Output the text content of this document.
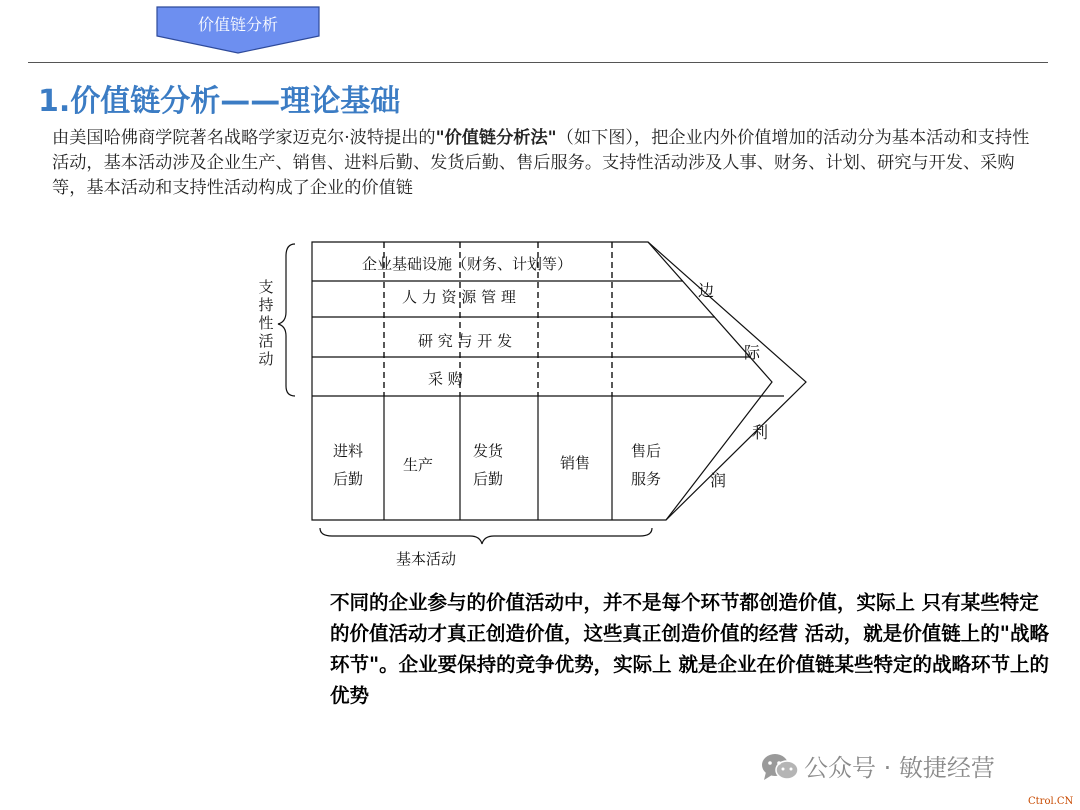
价值链分析
1.价值链分析——理论基础
由美国哈佛商学院著名战略学家迈克尔·波特提出的"价值链分析法"（如下图），把企业内外价值增加的活动分为基本活动和支持性活动，基本活动涉及企业生产、销售、进料后勤、发货后勤、售后服务。支持性活动涉及人事、财务、计划、研究与开发、采购等，基本活动和支持性活动构成了企业的价值链
支
持
性
活
动
企业基础设施（财务、计划等）
人 力 资 源 管 理
研 究 与 开 发
采 购
进料
后勤
生产
发货
后勤
销售
售后
服务
边
际
利
润
基本活动
不同的企业参与的价值活动中，并不是每个环节都创造价值，实际上 只有某些特定的价值活动才真正创造价值，这些真正创造价值的经营 活动，就是价值链上的"战略环节"。企业要保持的竞争优势，实际上 就是企业在价值链某些特定的战略环节上的优势
公众号 · 敏捷经营
Ctrol.CN
